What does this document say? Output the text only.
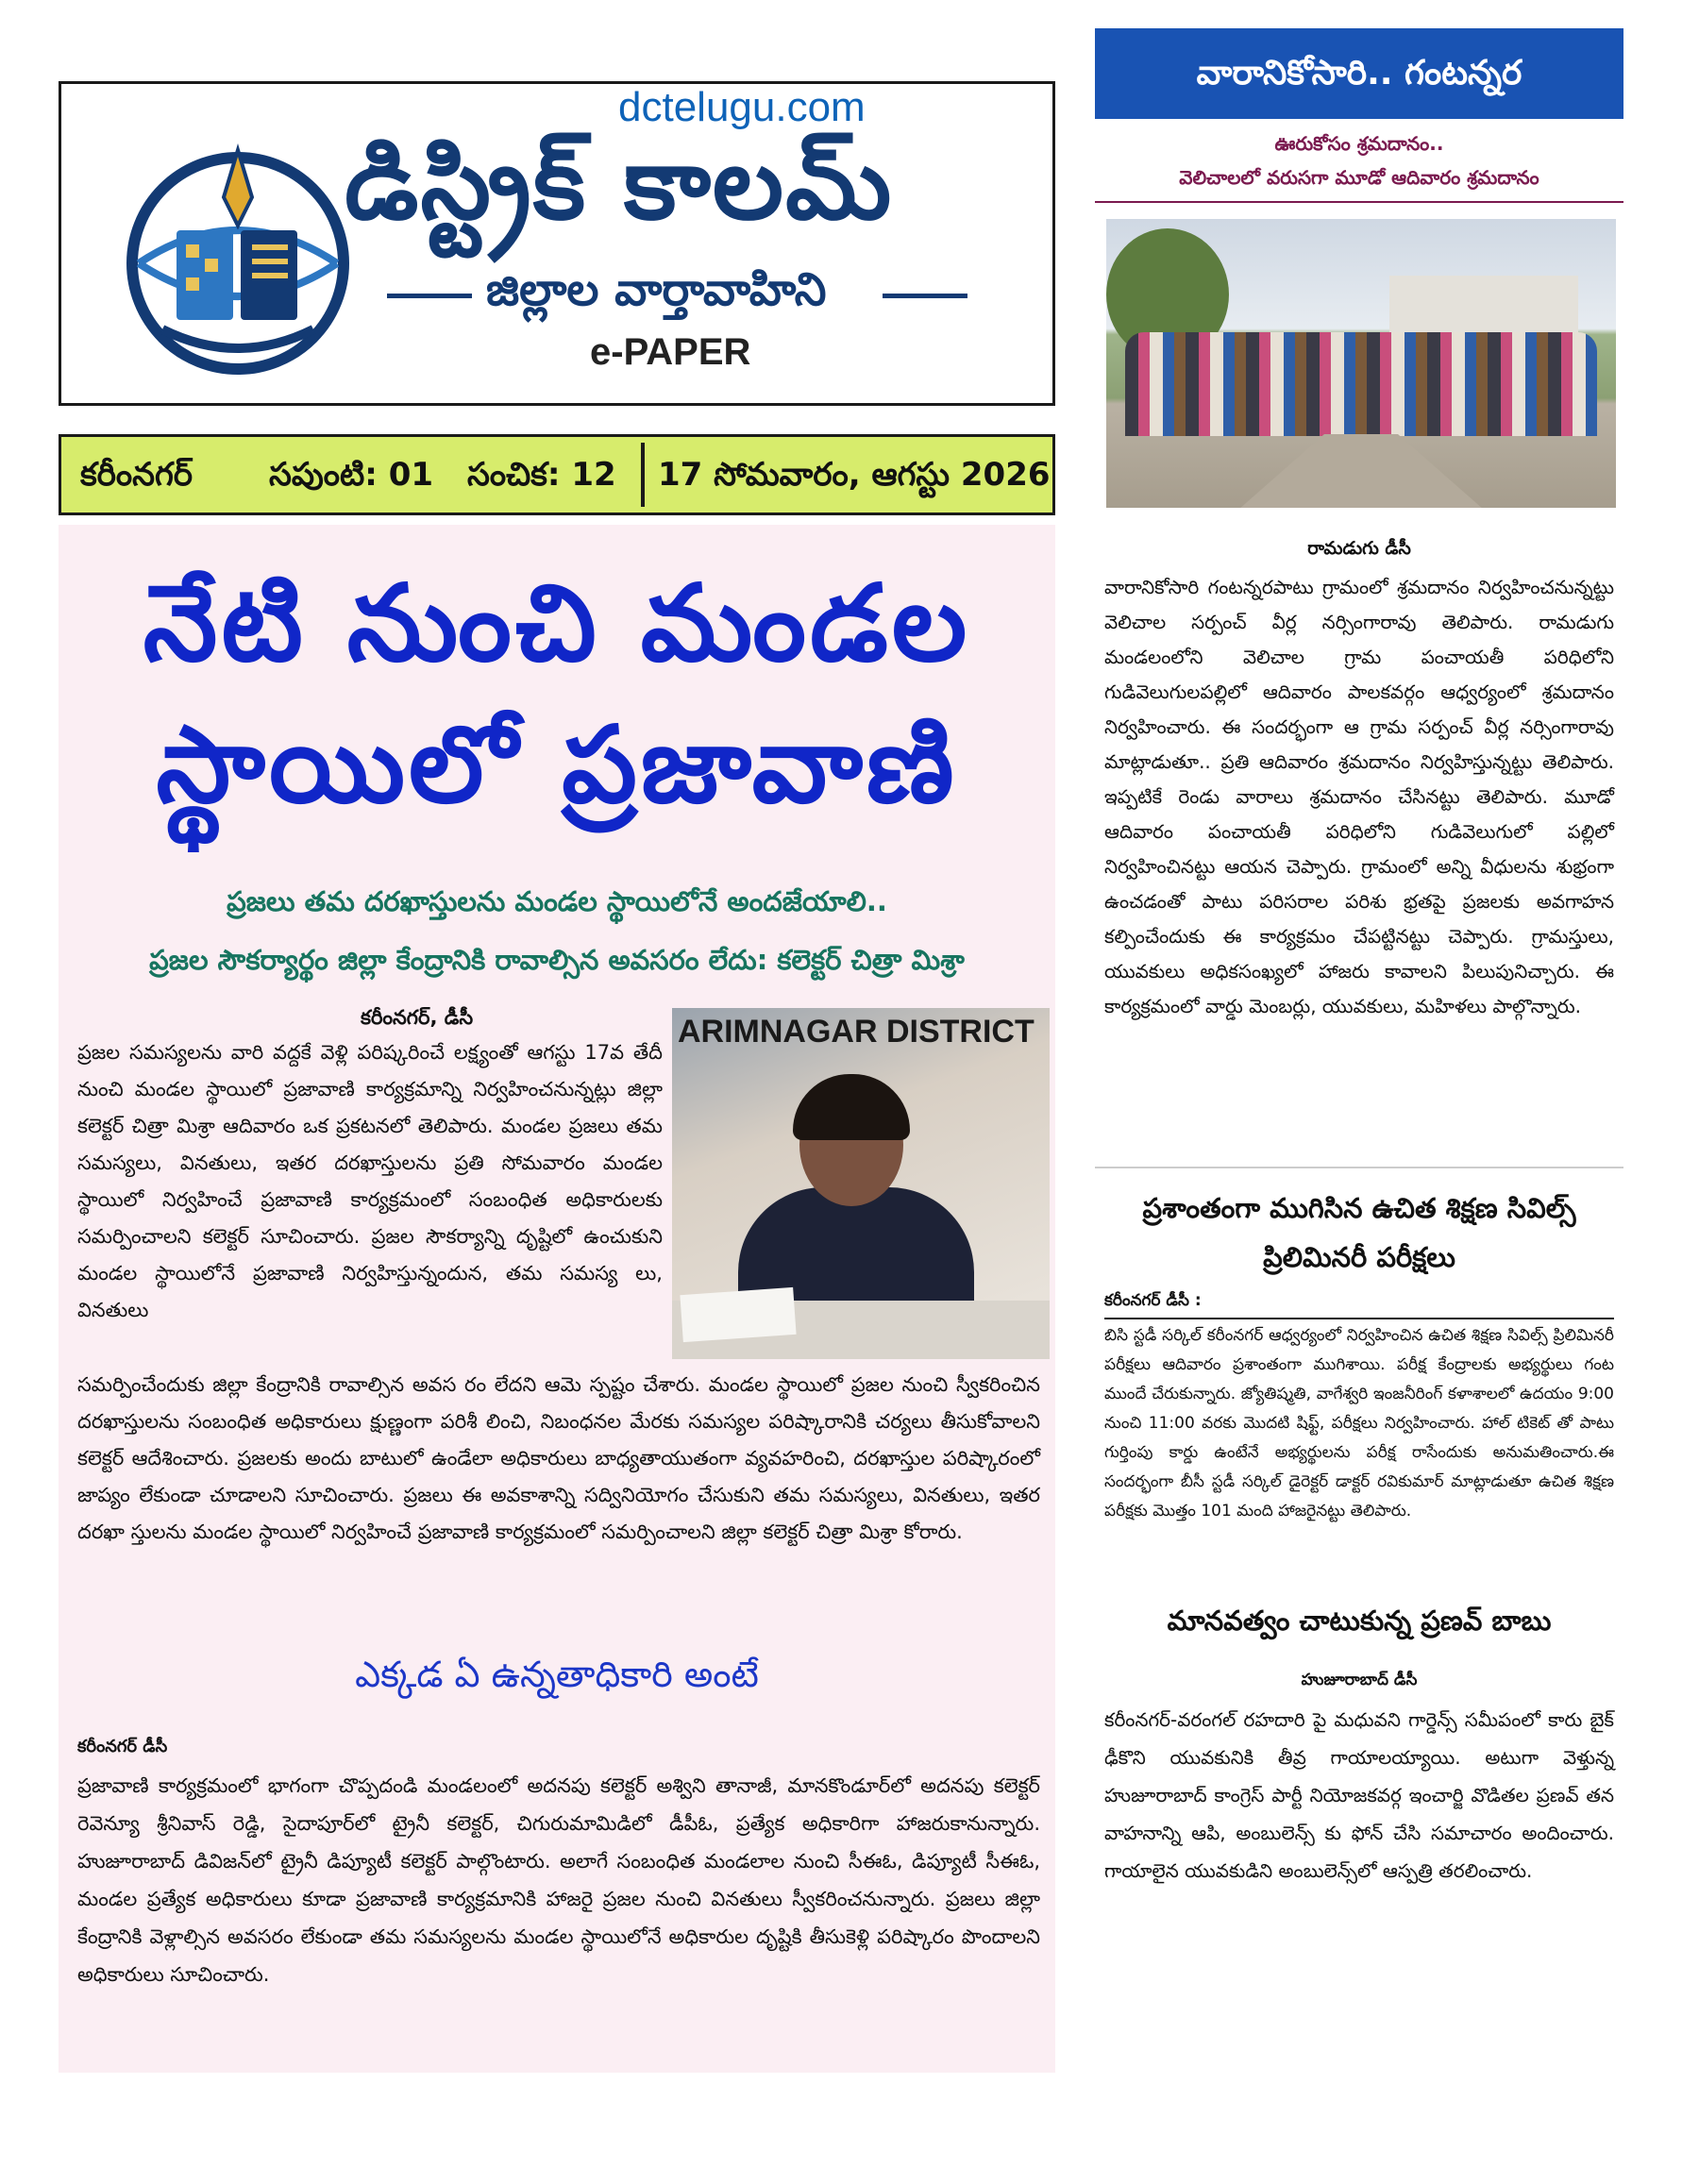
dctelugu.com
డిస్ట్రిక్ కాలమ్
జిల్లాల వార్తావాహిని
e-PAPER
కరీంనగర్ సపుంటి: 01 సంచిక: 12 17 సోమవారం, ఆగస్టు 2026
నేటి నుంచి మండల
స్థాయిలో ప్రజావాణి
ప్రజలు తమ దరఖాస్తులను మండల స్థాయిలోనే అందజేయాలి..
ప్రజల సౌకర్యార్థం జిల్లా కేంద్రానికి రావాల్సిన అవసరం లేదు: కలెక్టర్ చిత్రా మిశ్రా
కరీంనగర్, డీసీ	ARIMNAGAR DISTRICT
ప్రజల సమస్యలను వారి వద్దకే వెళ్లి పరిష్కరించే లక్ష్యంతో ఆగస్టు 17వ తేదీ నుంచి మండల స్థాయిలో ప్రజావాణి కార్యక్రమాన్ని నిర్వహించనున్నట్లు జిల్లా కలెక్టర్ చిత్రా మిశ్రా ఆదివారం ఒక ప్రకటనలో తెలిపారు. మండల ప్రజలు తమ సమస్యలు, వినతులు, ఇతర దరఖాస్తులను ప్రతి సోమవారం మండల స్థాయిలో నిర్వహించే ప్రజావాణి కార్యక్రమంలో సంబంధిత అధికారులకు సమర్పించాలని కలెక్టర్ సూచించారు. ప్రజల సౌకర్యాన్ని దృష్టిలో ఉంచుకుని మండల స్థాయిలోనే ప్రజావాణి నిర్వహిస్తున్నందున, తమ సమస్య లు, వినతులు
సమర్పించేందుకు జిల్లా కేంద్రానికి రావాల్సిన అవస రం లేదని ఆమె స్పష్టం చేశారు. మండల స్థాయిలో ప్రజల నుంచి స్వీకరించిన దరఖాస్తులను సంబంధిత అధికారులు క్షుణ్ణంగా పరిశీ లించి, నిబంధనల మేరకు సమస్యల పరిష్కారానికి చర్యలు తీసుకోవాలని కలెక్టర్ ఆదేశించారు. ప్రజలకు అందు బాటులో ఉండేలా అధికారులు బాధ్యతాయుతంగా వ్యవహరించి, దరఖాస్తుల పరిష్కారంలో జాప్యం లేకుండా చూడాలని సూచించారు. ప్రజలు ఈ అవకాశాన్ని సద్వినియోగం చేసుకుని తమ సమస్యలు, వినతులు, ఇతర దరఖా స్తులను మండల స్థాయిలో నిర్వహించే ప్రజావాణి కార్యక్రమంలో సమర్పించాలని జిల్లా కలెక్టర్ చిత్రా మిశ్రా కోరారు.
ఎక్కడ ఏ ఉన్నతాధికారి అంటే
కరీంనగర్ డీసీ
ప్రజావాణి కార్యక్రమంలో భాగంగా చొప్పదండి మండలంలో అదనపు కలెక్టర్ అశ్విని తానాజీ, మానకొండూర్‌లో అదనపు కలెక్టర్ రెవెన్యూ శ్రీనివాస్ రెడ్డి, సైదాపూర్‌లో ట్రైనీ కలెక్టర్, చిగురుమామిడిలో డీపీఓ, ప్రత్యేక అధికారిగా హాజరుకానున్నారు. హుజూరాబాద్ డివిజన్‌లో ట్రైనీ డిప్యూటీ కలెక్టర్ పాల్గొంటారు. అలాగే సంబంధిత మండలాల నుంచి సీఈఓ, డిప్యూటీ సీఈఓ, మండల ప్రత్యేక అధికారులు కూడా ప్రజావాణి కార్యక్రమానికి హాజరై ప్రజల నుంచి వినతులు స్వీకరించనున్నారు. ప్రజలు జిల్లా కేంద్రానికి వెళ్లాల్సిన అవసరం లేకుండా తమ సమస్యలను మండల స్థాయిలోనే అధికారుల దృష్టికి తీసుకెళ్లి పరిష్కారం పొందాలని అధికారులు సూచించారు.
వారానికోసారి.. గంటన్నర
ఊరుకోసం శ్రమదానం..
వెలిచాలలో వరుసగా మూడో ఆదివారం శ్రమదానం
రామడుగు డీసీ
వారానికోసారి గంటన్నరపాటు గ్రామంలో శ్రమదానం నిర్వహించనున్నట్టు వెలిచాల సర్పంచ్ వీర్ల నర్సింగారావు తెలిపారు. రామడుగు మండలంలోని వెలిచాల గ్రామ పంచాయతీ పరిధిలోని గుడివెలుగులపల్లిలో ఆదివారం పాలకవర్గం ఆధ్వర్యంలో శ్రమదానం నిర్వహించారు. ఈ సందర్భంగా ఆ గ్రామ సర్పంచ్ వీర్ల నర్సింగారావు మాట్లాడుతూ.. ప్రతి ఆదివారం శ్రమదానం నిర్వహిస్తున్నట్టు తెలిపారు. ఇప్పటికే రెండు వారాలు శ్రమదానం చేసినట్టు తెలిపారు. మూడో ఆదివారం పంచాయతీ పరిధిలోని గుడివెలుగులో పల్లిలో నిర్వహించినట్టు ఆయన చెప్పారు. గ్రామంలో అన్ని వీధులను శుభ్రంగా ఉంచడంతో పాటు పరిసరాల పరిశు భ్రతపై ప్రజలకు అవగాహన కల్పించేందుకు ఈ కార్యక్రమం చేపట్టినట్టు చెప్పారు. గ్రామస్తులు, యువకులు అధికసంఖ్యలో హాజరు కావాలని పిలుపునిచ్చారు. ఈ కార్యక్రమంలో వార్డు మెంబర్లు, యువకులు, మహిళలు పాల్గొన్నారు.
ప్రశాంతంగా ముగిసిన ఉచిత శిక్షణ సివిల్స్ ప్రిలిమినరీ పరీక్షలు
కరీంనగర్ డీసీ :
బిసి స్టడీ సర్కిల్ కరీంనగర్ ఆధ్వర్యంలో నిర్వహించిన ఉచిత శిక్షణ సివిల్స్ ప్రిలిమినరీ పరీక్షలు ఆదివారం ప్రశాంతంగా ముగిశాయి. పరీక్ష కేంద్రాలకు అభ్యర్థులు గంట ముందే చేరుకున్నారు. జ్యోతిష్మతి, వాగేశ్వరి ఇంజనీరింగ్ కళాశాలలో ఉదయం 9:00 నుంచి 11:00 వరకు మొదటి షిఫ్ట్, పరీక్షలు నిర్వహించారు. హాల్ టికెట్ తో పాటు గుర్తింపు కార్డు ఉంటేనే అభ్యర్థులను పరీక్ష రాసేందుకు అనుమతించారు.ఈ సందర్భంగా బీసీ స్టడీ సర్కిల్ డైరెక్టర్ డాక్టర్ రవికుమార్ మాట్లాడుతూ ఉచిత శిక్షణ పరీక్షకు మొత్తం 101 మంది హాజరైనట్టు తెలిపారు.
మానవత్వం చాటుకున్న ప్రణవ్ బాబు
హుజూరాబాద్ డీసీ
కరీంనగర్-వరంగల్ రహదారి పై మధువని గార్డెన్స్ సమీపంలో కారు బైక్ ఢీకొని యువకునికి తీవ్ర గాయాలయ్యాయి. అటుగా వెళ్తున్న హుజూరాబాద్ కాంగ్రెస్ పార్టీ నియోజకవర్గ ఇంచార్జి వొడితల ప్రణవ్ తన వాహనాన్ని ఆపి, అంబులెన్స్ కు ఫోన్ చేసి సమాచారం అందించారు. గాయాలైన యువకుడిని అంబులెన్స్‌లో ఆస్పత్రి తరలించారు.
